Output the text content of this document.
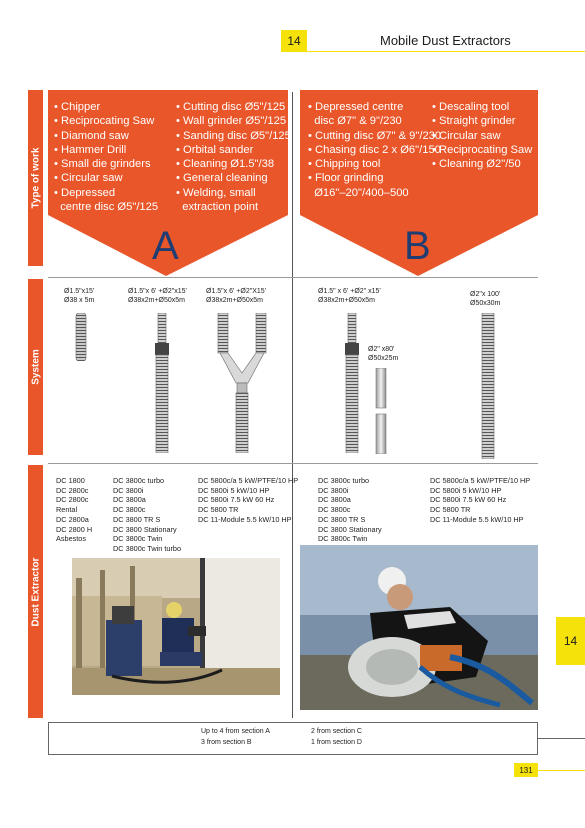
14	Mobile Dust Extractors
Type of work
System
Dust Extractor
• Chipper
• Reciprocating Saw
• Diamond saw
• Hammer Drill
• Small die grinders
• Circular saw
• Depressed
centre disc Ø5"/125
• Cutting disc Ø5"/125
• Wall grinder Ø5"/125
• Sanding disc Ø5"/125
• Orbital sander
• Cleaning Ø1.5"/38
• General cleaning
• Welding, small
extraction point
A
• Depressed centre
disc Ø7" & 9"/230
• Cutting disc Ø7" & 9"/230
• Chasing disc 2 x Ø6"/150
• Chipping tool
• Floor grinding
Ø16"–20"/400–500
• Descaling tool
• Straight grinder
• Circular saw
• Reciprocating Saw
• Cleaning Ø2"/50
B
Ø1.5"x15'
Ø38 x 5m
Ø1.5"x 6' +Ø2"x15'
Ø38x2m+Ø50x5m
Ø1.5"x 6' +Ø2"X15'
Ø38x2m+Ø50x5m
Ø1.5" x 6' +Ø2" x15'
Ø38x2m+Ø50x5m
Ø2" x80'
Ø50x25m
Ø2"x 100'
Ø50x30m
DC 1800
DC 2800c
DC 2800c
Rental
DC 2800a
DC 2800 H
Asbestos
DC 3800c turbo
DC 3800i
DC 3800a
DC 3800c
DC 3800 TR S
DC 3800 Stationary
DC 3800c Twin
DC 3800c Twin turbo
DC 5800c/a 5 kW/PTFE/10 HP
DC 5800i 5 kW/10 HP
DC 5800i 7.5 kW 60 Hz
DC 5800 TR
DC 11-Module 5.5 kW/10 HP
DC 3800c turbo
DC 3800i
DC 3800a
DC 3800c
DC 3800 TR S
DC 3800 Stationary
DC 3800c Twin
DC 5800c/a 5 kW/PTFE/10 HP
DC 5800i 5 kW/10 HP
DC 5800i 7.5 kW 60 Hz
DC 5800 TR
DC 11-Module 5.5 kW/10 HP
Up to 4 from section A
3 from section B
2 from section C
1 from section D
14
131
